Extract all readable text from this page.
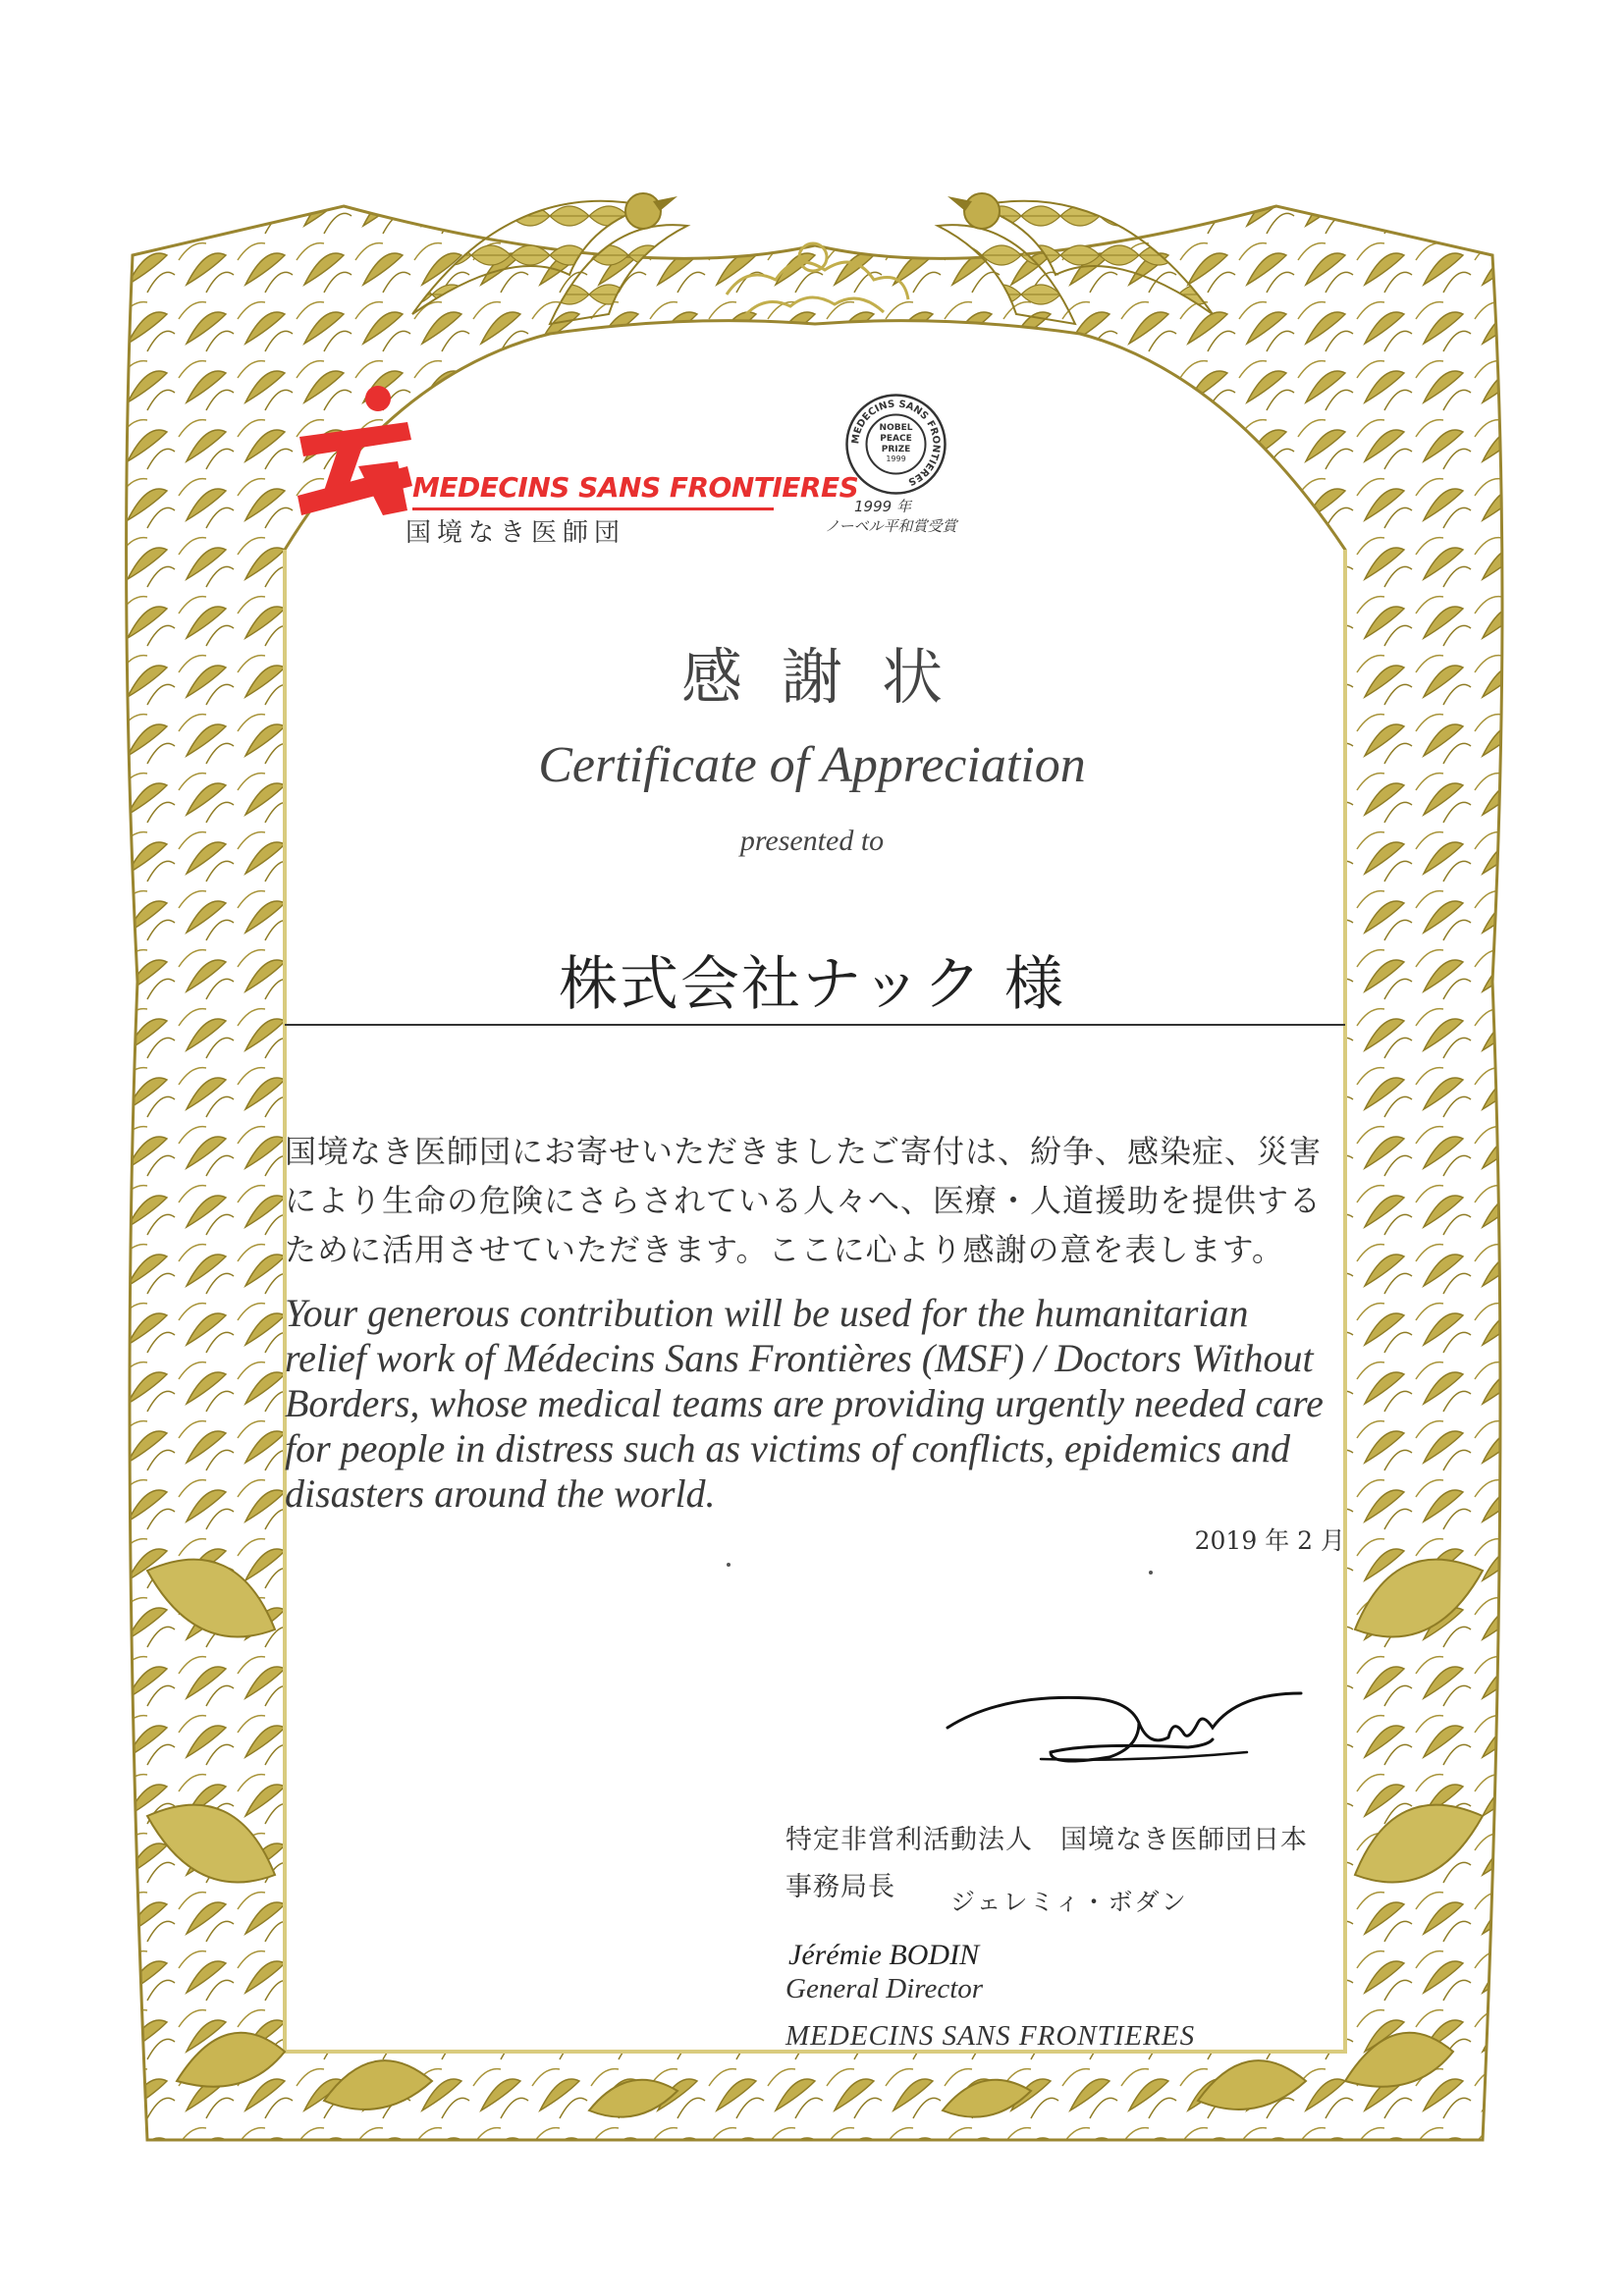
MEDECINS SANS FRONTIERES
国境なき医師団
MEDECINS SANS FRONTIERES
NOBEL
PEACE
PRIZE
1999
1999 年
ノーベル平和賞受賞
感謝状
Certificate of Appreciation
presented to
株式会社ナック 様
国境なき医師団にお寄せいただきましたご寄付は、紛争、感染症、災害
により生命の危険にさらされている人々へ、医療・人道援助を提供する
ために活用させていただきます。ここに心より感謝の意を表します。
Your generous contribution will be used for the humanitarian
relief work of Médecins Sans Frontières (MSF) / Doctors Without
Borders, whose medical teams are providing urgently needed care
for people in distress such as victims of conflicts, epidemics and
disasters around the world.
2019 年 2 月
特定非営利活動法人　国境なき医師団日本
事務局長 ジェレミィ・ボダン
Jérémie BODIN
General Director
MEDECINS SANS FRONTIERES
